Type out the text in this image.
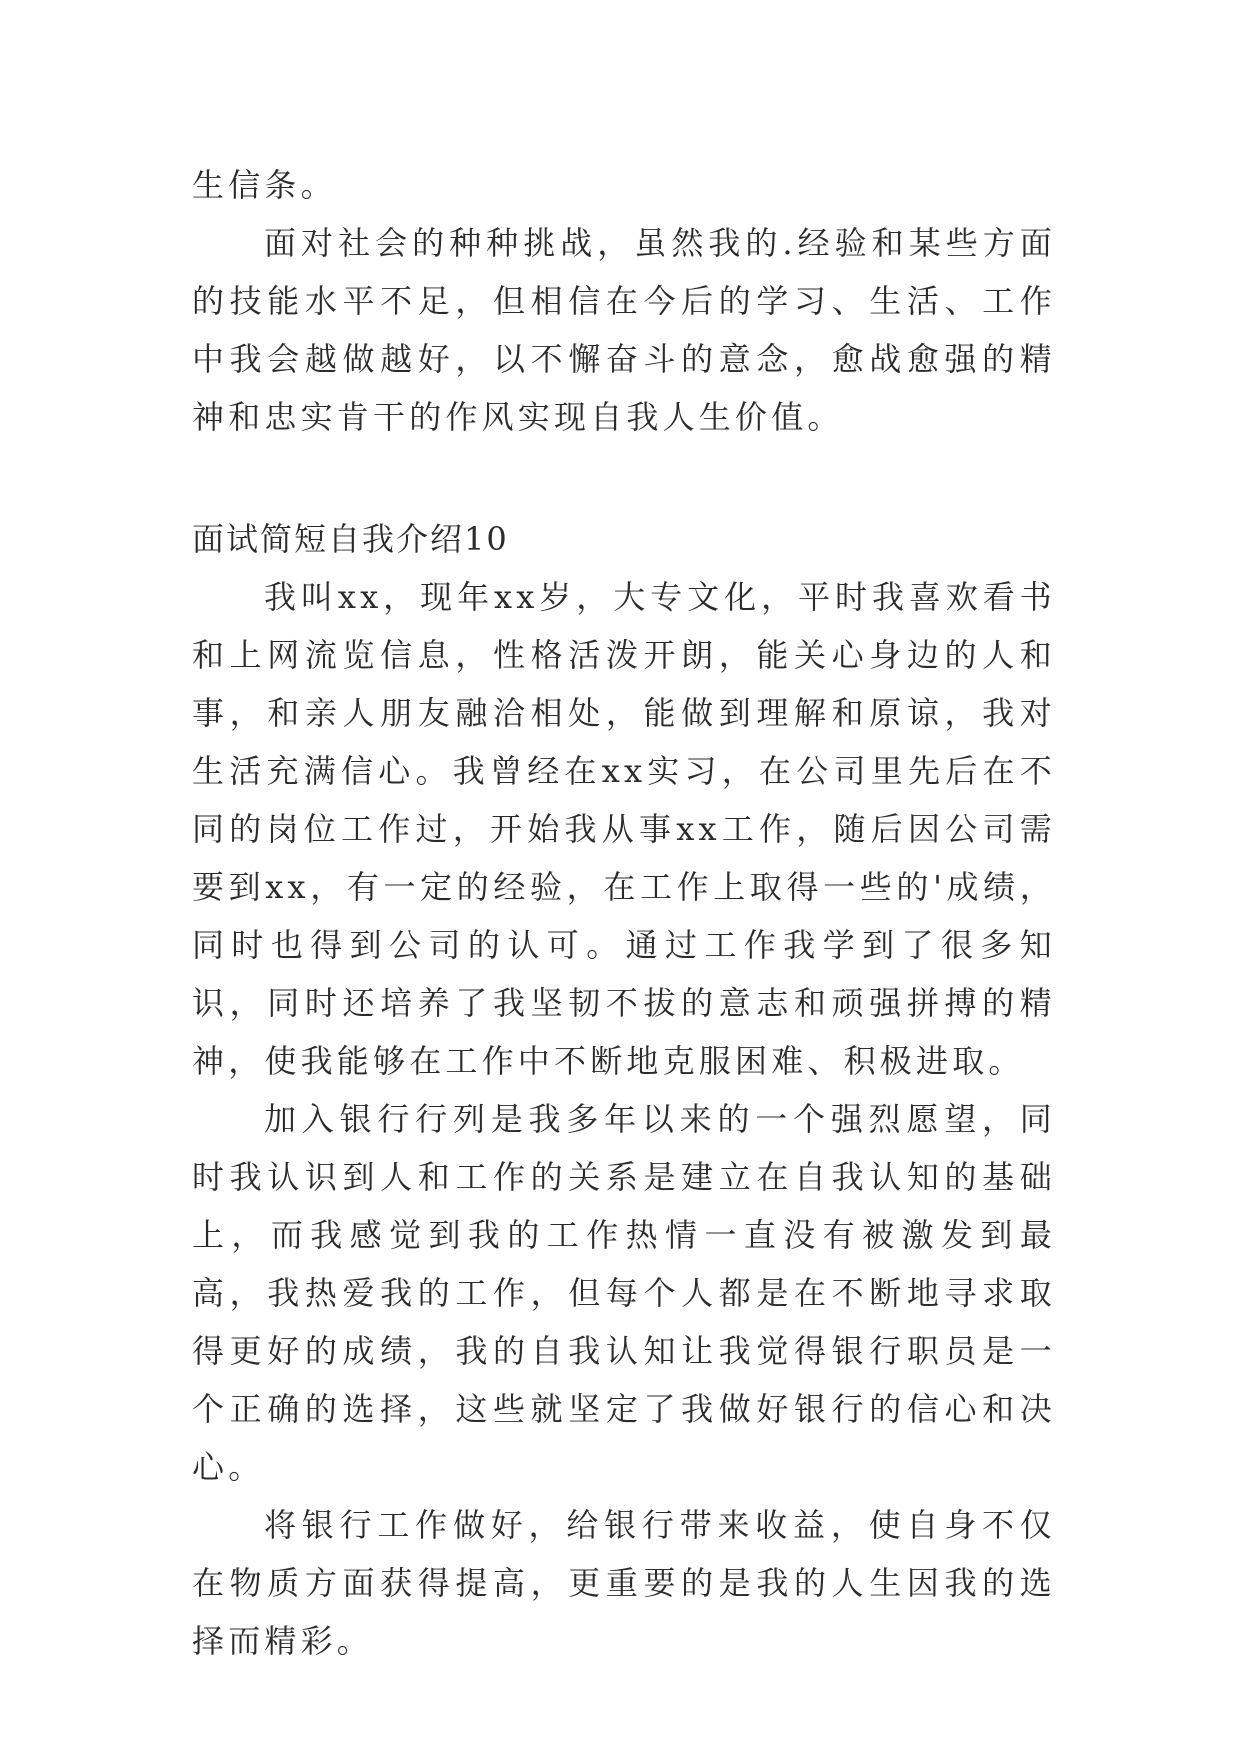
生信条。

面对社会的种种挑战，虽然我的.经验和某些方面的技能水平不足，但相信在今后的学习、生活、工作中我会越做越好，以不懈奋斗的意念，愈战愈强的精神和忠实肯干的作风实现自我人生价值。

面试简短自我介绍10

我叫xx，现年xx岁，大专文化，平时我喜欢看书和上网流览信息，性格活泼开朗，能关心身边的人和事，和亲人朋友融洽相处，能做到理解和原谅，我对生活充满信心。我曾经在xx实习，在公司里先后在不同的岗位工作过，开始我从事xx工作，随后因公司需要到xx，有一定的经验，在工作上取得一些的'成绩，同时也得到公司的认可。通过工作我学到了很多知识，同时还培养了我坚韧不拔的意志和顽强拼搏的精神，使我能够在工作中不断地克服困难、积极进取。

加入银行行列是我多年以来的一个强烈愿望，同时我认识到人和工作的关系是建立在自我认知的基础上，而我感觉到我的工作热情一直没有被激发到最高，我热爱我的工作，但每个人都是在不断地寻求取得更好的成绩，我的自我认知让我觉得银行职员是一个正确的选择，这些就坚定了我做好银行的信心和决心。

将银行工作做好，给银行带来收益，使自身不仅在物质方面获得提高，更重要的是我的人生因我的选择而精彩。
